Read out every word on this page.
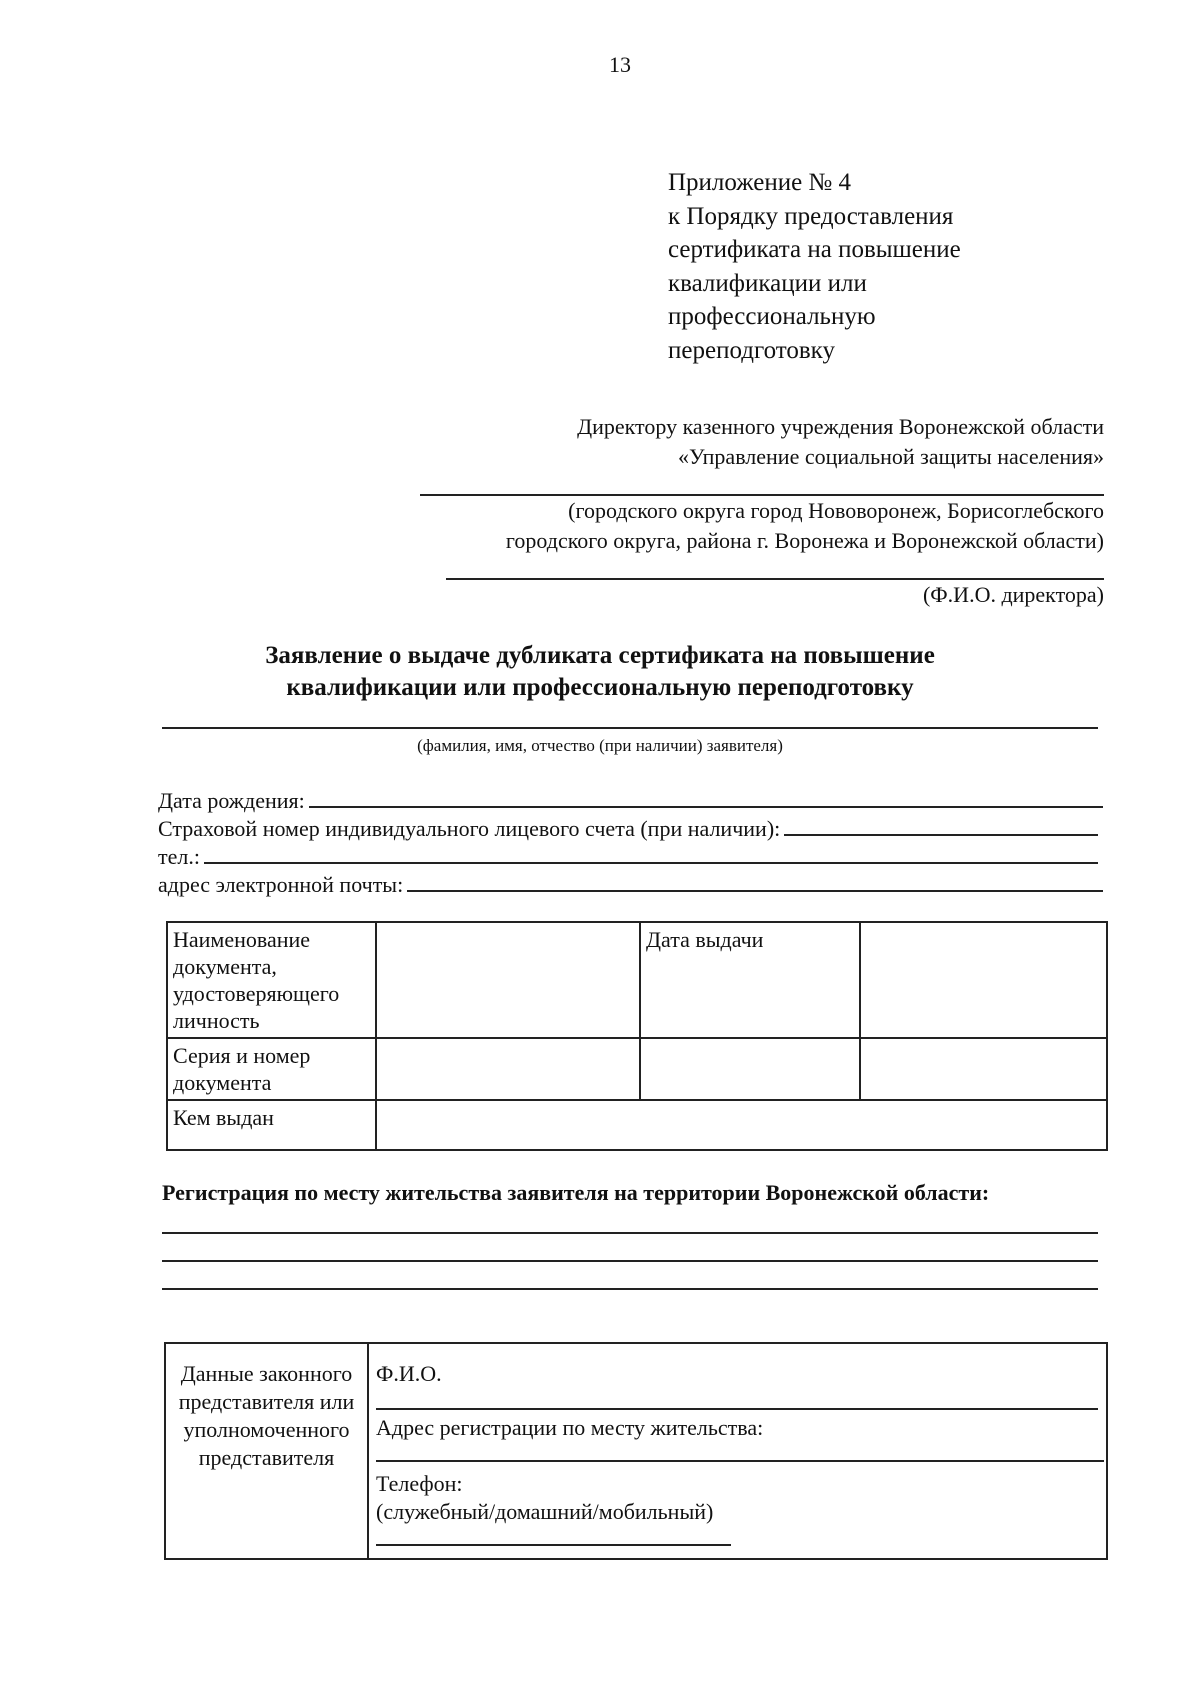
13
Приложение № 4
к Порядку предоставления
сертификата на повышение
квалификации или
профессиональную
переподготовку
Директору казенного учреждения Воронежской области
«Управление социальной защиты населения»
(городского округа город Нововоронеж, Борисоглебского
городского округа, района г. Воронежа и Воронежской области)
(Ф.И.О. директора)
Заявление о выдаче дубликата сертификата на повышение
квалификации или профессиональную переподготовку
(фамилия, имя, отчество (при наличии) заявителя)
Дата рождения:
Страховой номер индивидуального лицевого счета (при наличии):
тел.:
адрес электронной почты:
Наименование документа, удостоверяющего личность		Дата выдачи	
Серия и номер документа			
Кем выдан			
Регистрация по месту жительства заявителя на территории Воронежской области:
Данные законного представителя или уполномоченного представителя	
Ф.И.О.
Адрес регистрации по месту жительства:
Телефон:
(служебный/домашний/мобильный)
